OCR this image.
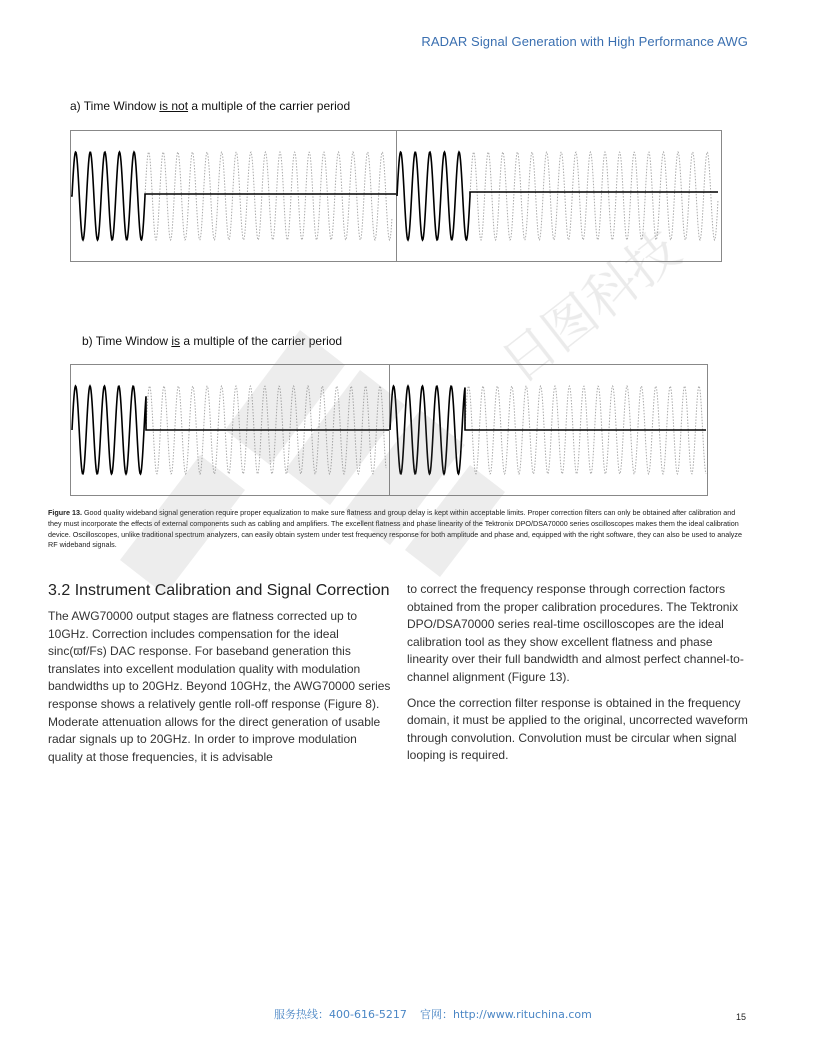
RADAR Signal Generation with High Performance AWG
a) Time Window is not a multiple of the carrier period
b) Time Window is a multiple of the carrier period
Figure 13. Good quality wideband signal generation require proper equalization to make sure flatness and group delay is kept within acceptable limits. Proper correction filters can only be obtained after calibration and they must incorporate the effects of external components such as cabling and amplifiers. The excellent flatness and phase linearity of the Tektronix DPO/DSA70000 series oscilloscopes makes them the ideal calibration device. Oscilloscopes, unlike traditional spectrum analyzers, can easily obtain system under test frequency response for both amplitude and phase and, equipped with the right software, they can also be used to analyze RF wideband signals.
3.2 Instrument Calibration and Signal Correction

The AWG70000 output stages are flatness corrected up to 10GHz. Correction includes compensation for the ideal sinc(ϖf/Fs) DAC response. For baseband generation this translates into excellent modulation quality with modulation bandwidths up to 20GHz. Beyond 10GHz, the AWG70000 series response shows a relatively gentle roll-off response (Figure 8). Moderate attenuation allows for the direct generation of usable radar signals up to 20GHz. In order to improve modulation quality at those frequencies, it is advisable

to correct the frequency response through correction factors obtained from the proper calibration procedures. The Tektronix DPO/DSA70000 series real-time oscilloscopes are the ideal calibration tool as they show excellent flatness and phase linearity over their full bandwidth and almost perfect channel-to-channel alignment (Figure 13).

Once the correction filter response is obtained in the frequency domain, it must be applied to the original, uncorrected waveform through convolution. Convolution must be circular when signal looping is required.

日图科技
服务热线：400-616-5217 官网：http://www.rituchina.com	15
